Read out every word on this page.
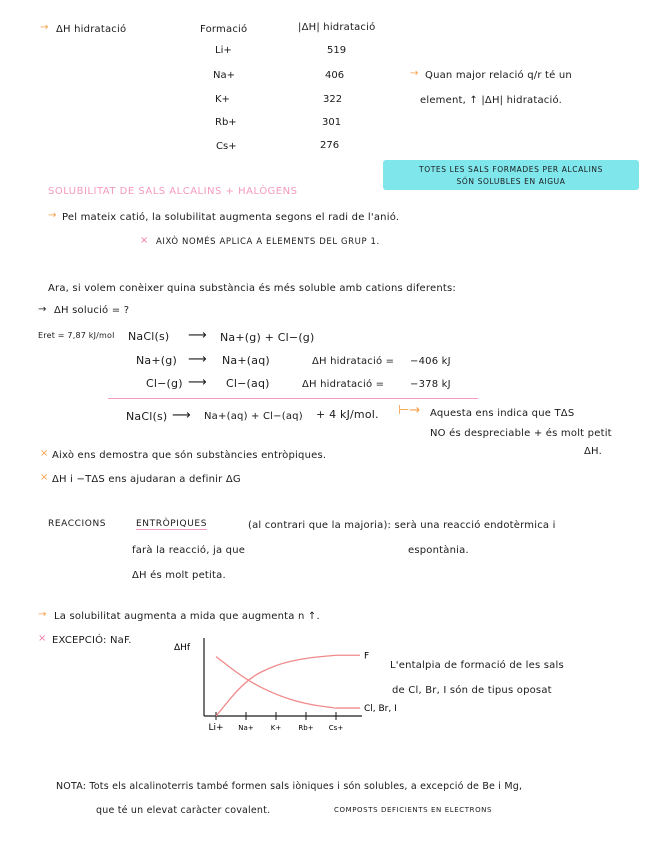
→ ΔH hidratació	Formació	|ΔH| hidratació
Li+	519
Na+	406
K+	322
Rb+	301
Cs+	276
→ Quan major relació q/r té un
element, ↑ |ΔH| hidratació.
TOTES LES SALS FORMADES PER ALCALINS
SÓN SOLUBLES EN AIGUA
SOLUBILITAT DE SALS ALCALINS + HALÒGENS
→ Pel mateix catió, la solubilitat augmenta segons el radi de l'anió.
× AIXÒ NOMÉS APLICA A ELEMENTS DEL GRUP 1.
Ara, si volem conèixer quina substància és més soluble amb cations diferents:
→ ΔH solució = ?
Eret = 7,87 kJ/mol NaCl(s) ⟶ Na+(g) + Cl−(g)
Na+(g) ⟶ Na+(aq)	ΔH hidratació = −406 kJ
Cl−(g) ⟶ Cl−(aq)	ΔH hidratació =	−378 kJ
NaCl(s) ⟶ Na+(aq) + Cl−(aq) + 4 kJ/mol. ⊢→ Aquesta ens indica que TΔS
NO és despreciable + és molt petit
ΔH.
× Això ens demostra que són substàncies entròpiques.
× ΔH i −TΔS ens ajudaran a definir ΔG
REACCIONS	ENTRÒPIQUES	(al contrari que la majoria): serà una reacció endotèrmica i
farà la reacció, ja que	espontània.
ΔH és molt petita.
→ La solubilitat augmenta a mida que augmenta n ↑.
× EXCEPCIÓ: NaF.
ΔHf
Li+ Na+ K+ Rb+ Cs+
F
Cl, Br, I
L'entalpia de formació de les sals
de Cl, Br, I són de tipus oposat
NOTA: Tots els alcalinoterris també formen sals iòniques i són solubles, a excepció de Be i Mg,
que té un elevat caràcter covalent.	COMPOSTS DEFICIENTS EN ELECTRONS
